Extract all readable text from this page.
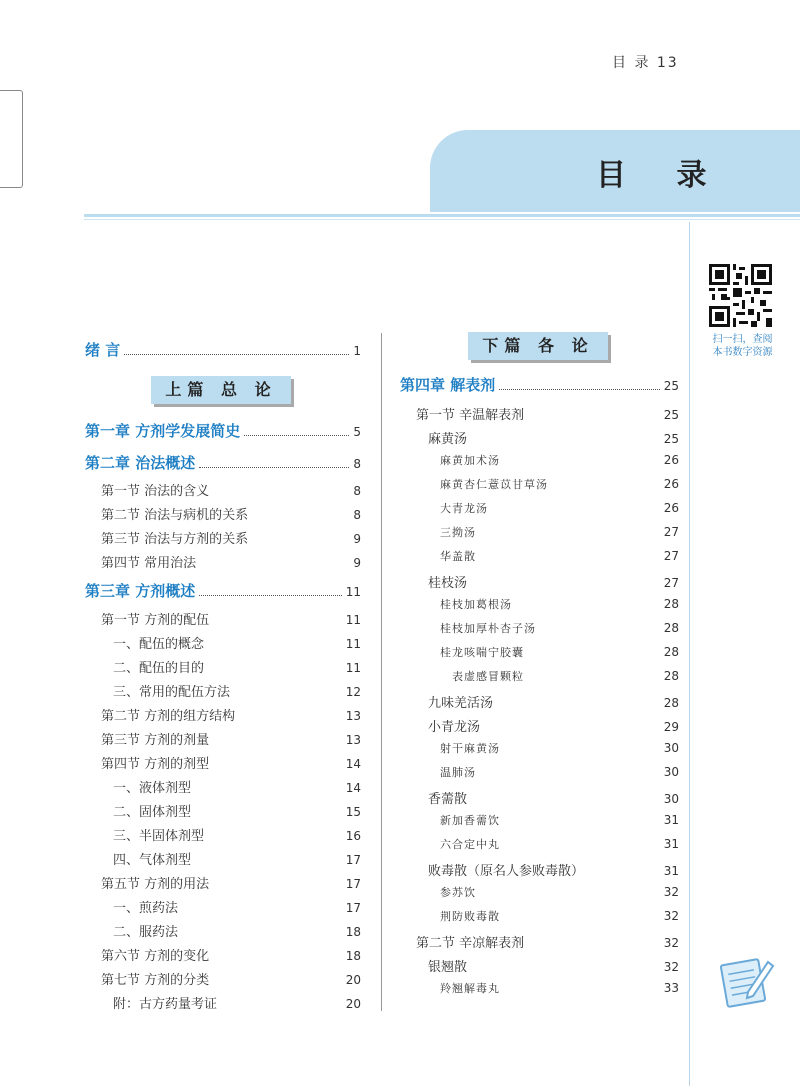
目 录 13
目 录
扫一扫，查阅
本书数字资源
绪 言	1
上篇 总 论
第一章 方剂学发展简史	5
第二章 治法概述	8
第一节 治法的含义	8
第二节 治法与病机的关系	8
第三节 治法与方剂的关系	9
第四节 常用治法	9
第三章 方剂概述	11
第一节 方剂的配伍	11
一、配伍的概念	11
二、配伍的目的	11
三、常用的配伍方法	12
第二节 方剂的组方结构	13
第三节 方剂的剂量	13
第四节 方剂的剂型	14
一、液体剂型	14
二、固体剂型	15
三、半固体剂型	16
四、气体剂型	17
第五节 方剂的用法	17
一、煎药法	17
二、服药法	18
第六节 方剂的变化	18
第七节 方剂的分类	20
附：古方药量考证	20
下篇 各 论
第四章 解表剂	25
第一节 辛温解表剂	25
麻黄汤	25
麻黄加术汤	26
麻黄杏仁薏苡甘草汤	26
大青龙汤	26
三拗汤	27
华盖散	27
桂枝汤	27
桂枝加葛根汤	28
桂枝加厚朴杏子汤	28
桂龙咳喘宁胶囊	28
表虚感冒颗粒	28
九味羌活汤	28
小青龙汤	29
射干麻黄汤	30
温肺汤	30
香薷散	30
新加香薷饮	31
六合定中丸	31
败毒散（原名人参败毒散）	31
参苏饮	32
荆防败毒散	32
第二节 辛凉解表剂	32
银翘散	32
羚翘解毒丸	33
